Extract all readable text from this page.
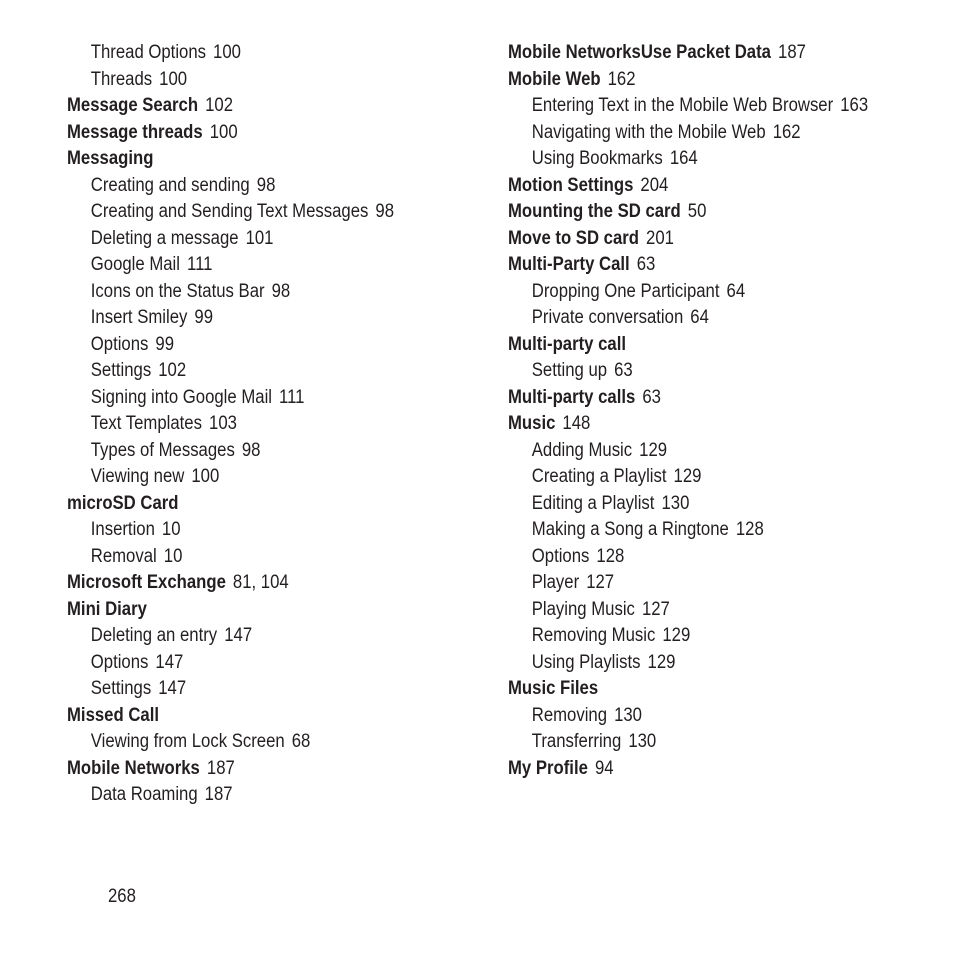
Thread Options 100
Threads 100
Message Search 102
Message threads 100
Messaging
Creating and sending 98
Creating and Sending Text Messages 98
Deleting a message 101
Google Mail 111
Icons on the Status Bar 98
Insert Smiley 99
Options 99
Settings 102
Signing into Google Mail 111
Text Templates 103
Types of Messages 98
Viewing new 100
microSD Card
Insertion 10
Removal 10
Microsoft Exchange 81, 104
Mini Diary
Deleting an entry 147
Options 147
Settings 147
Missed Call
Viewing from Lock Screen 68
Mobile Networks 187
Data Roaming 187
Mobile NetworksUse Packet Data 187
Mobile Web 162
Entering Text in the Mobile Web Browser 163
Navigating with the Mobile Web 162
Using Bookmarks 164
Motion Settings 204
Mounting the SD card 50
Move to SD card 201
Multi-Party Call 63
Dropping One Participant 64
Private conversation 64
Multi-party call
Setting up 63
Multi-party calls 63
Music 148
Adding Music 129
Creating a Playlist 129
Editing a Playlist 130
Making a Song a Ringtone 128
Options 128
Player 127
Playing Music 127
Removing Music 129
Using Playlists 129
Music Files
Removing 130
Transferring 130
My Profile 94
268
